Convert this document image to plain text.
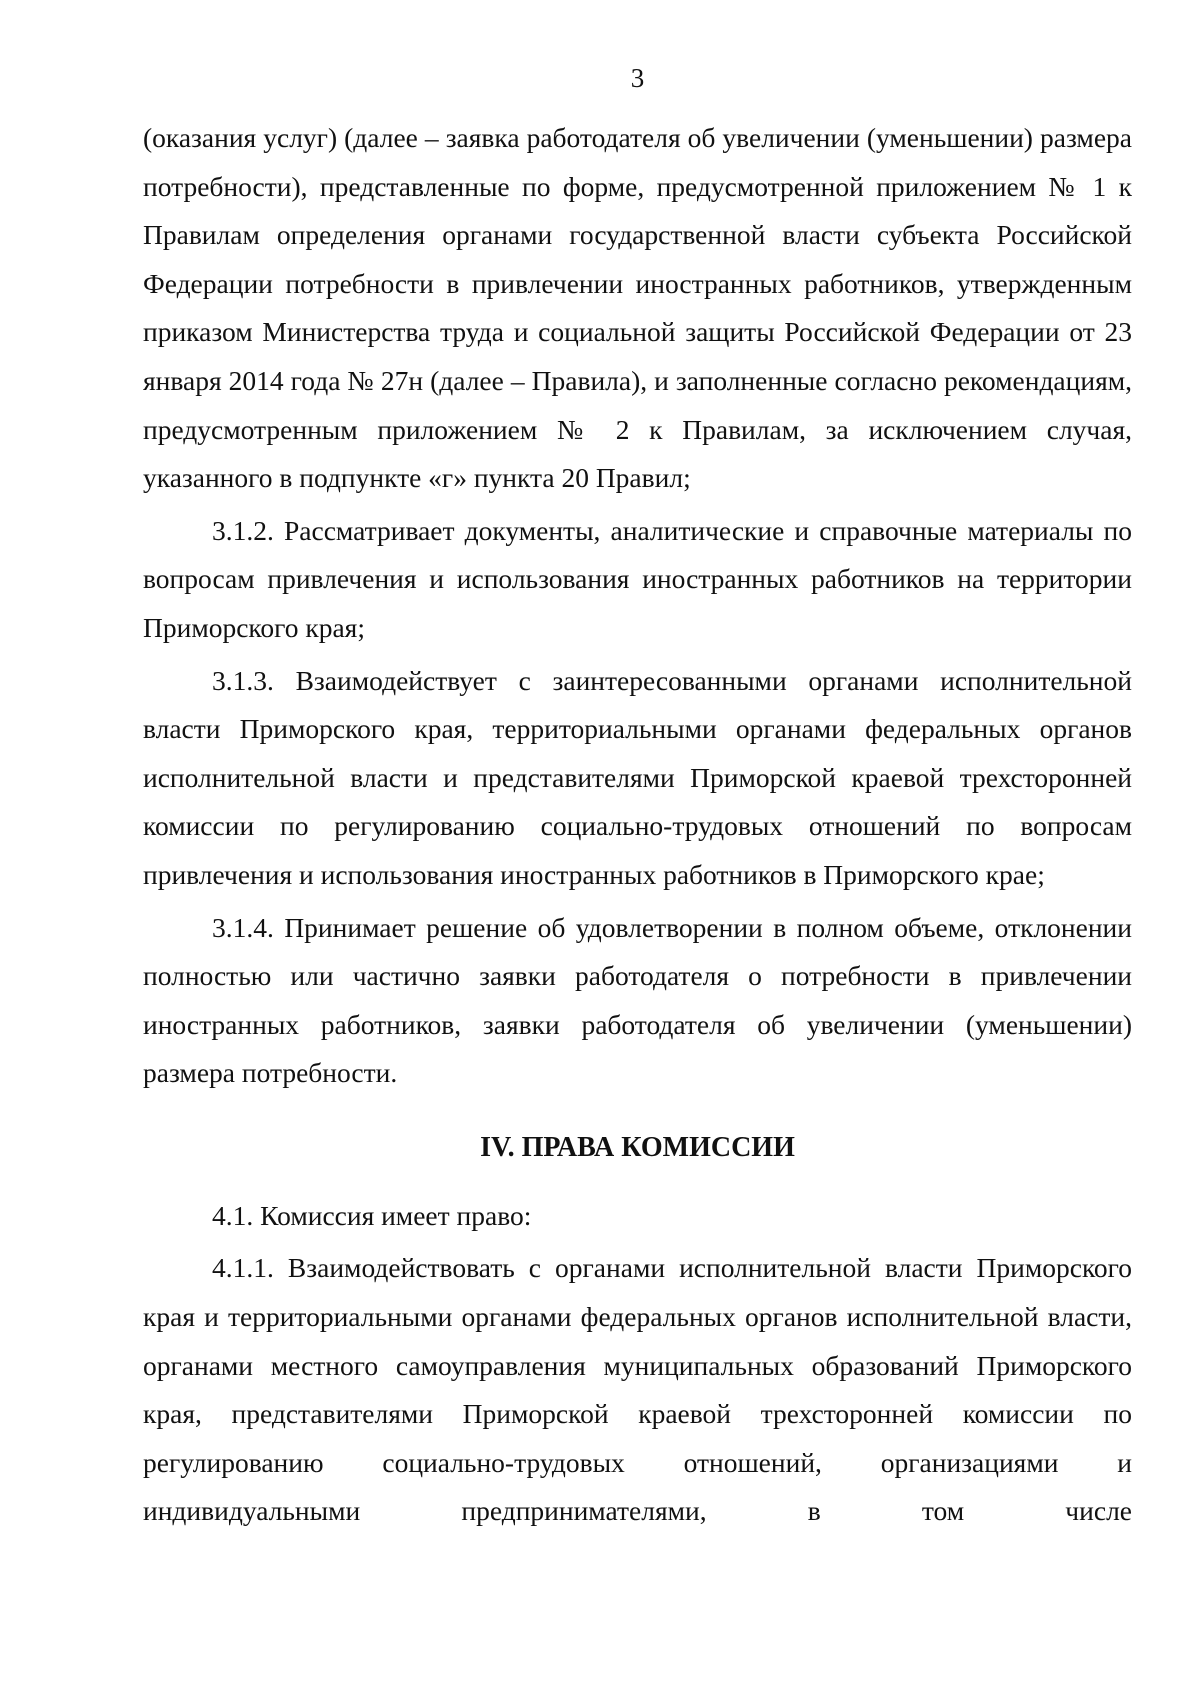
3

(оказания услуг) (далее – заявка работодателя об увеличении (уменьшении) размера потребности), представленные по форме, предусмотренной приложением № 1 к Правилам определения органами государственной власти субъекта Российской Федерации потребности в привлечении иностранных работников, утвержденным приказом Министерства труда и социальной защиты Российской Федерации от 23 января 2014 года № 27н (далее – Правила), и заполненные согласно рекомендациям, предусмотренным приложением № 2 к Правилам, за исключением случая, указанного в подпункте «г» пункта 20 Правил;

3.1.2. Рассматривает документы, аналитические и справочные материалы по вопросам привлечения и использования иностранных работников на территории Приморского края;

3.1.3. Взаимодействует с заинтересованными органами исполнительной власти Приморского края, территориальными органами федеральных органов исполнительной власти и представителями Приморской краевой трехсторонней комиссии по регулированию социально-трудовых отношений по вопросам привлечения и использования иностранных работников в Приморского крае;

3.1.4. Принимает решение об удовлетворении в полном объеме, отклонении полностью или частично заявки работодателя о потребности в привлечении иностранных работников, заявки работодателя об увеличении (уменьшении) размера потребности.

IV. ПРАВА КОМИССИИ

4.1. Комиссия имеет право:

4.1.1. Взаимодействовать с органами исполнительной власти Приморского края и территориальными органами федеральных органов исполнительной власти, органами местного самоуправления муниципальных образований Приморского края, представителями Приморской краевой трехсторонней комиссии по регулированию социально-трудовых отношений, организациями и индивидуальными предпринимателями, в том числе
